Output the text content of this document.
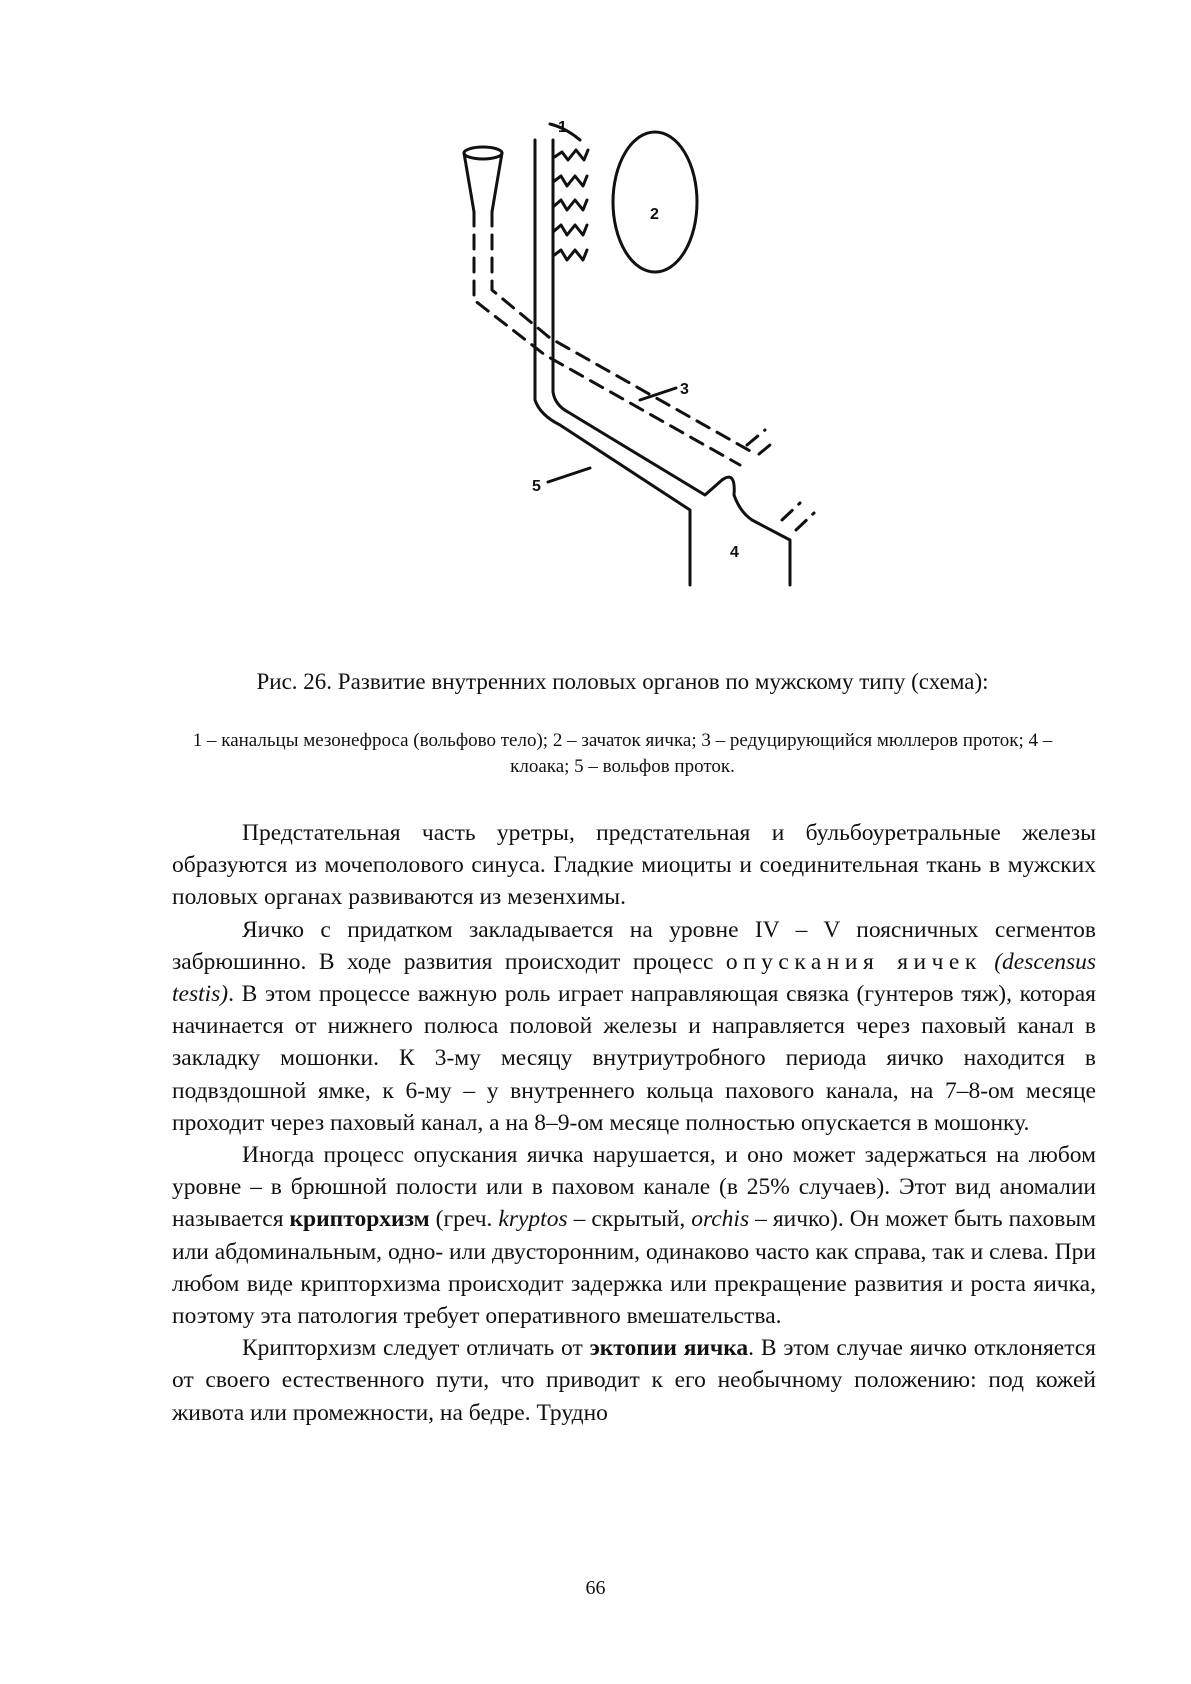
1
2
3
4
5
Рис. 26. Развитие внутренних половых органов по мужскому типу (схема):
1 – канальцы мезонефроса (вольфово тело); 2 – зачаток яичка; 3 – редуцирующийся мюллеров проток; 4 – клоака; 5 – вольфов проток.

Предстательная часть уретры, предстательная и бульбоуретральные железы образуются из мочеполового синуса. Гладкие миоциты и соединительная ткань в мужских половых органах развиваются из мезенхимы.

Яичко с придатком закладывается на уровне IV – V поясничных сегментов забрюшинно. В ходе развития происходит процесс опускания яичек (descensus testis). В этом процессе важную роль играет направляющая связка (гунтеров тяж), которая начинается от нижнего полюса половой железы и направляется через паховый канал в закладку мошонки. К 3-му месяцу внутриутробного периода яичко находится в подвздошной ямке, к 6-му – у внутреннего кольца пахового канала, на 7–8-ом месяце проходит через паховый канал, а на 8–9-ом месяце полностью опускается в мошонку.

Иногда процесс опускания яичка нарушается, и оно может задержаться на любом уровне – в брюшной полости или в паховом канале (в 25% случаев). Этот вид аномалии называется крипторхизм (греч. kryptos – скрытый, orchis – яичко). Он может быть паховым или абдоминальным, одно- или двусторонним, одинаково часто как справа, так и слева. При любом виде крипторхизма происходит задержка или прекращение развития и роста яичка, поэтому эта патология требует оперативного вмешательства.

Крипторхизм следует отличать от эктопии яичка. В этом случае яичко отклоняется от своего естественного пути, что приводит к его необычному положению: под кожей живота или промежности, на бедре. Трудно

66
